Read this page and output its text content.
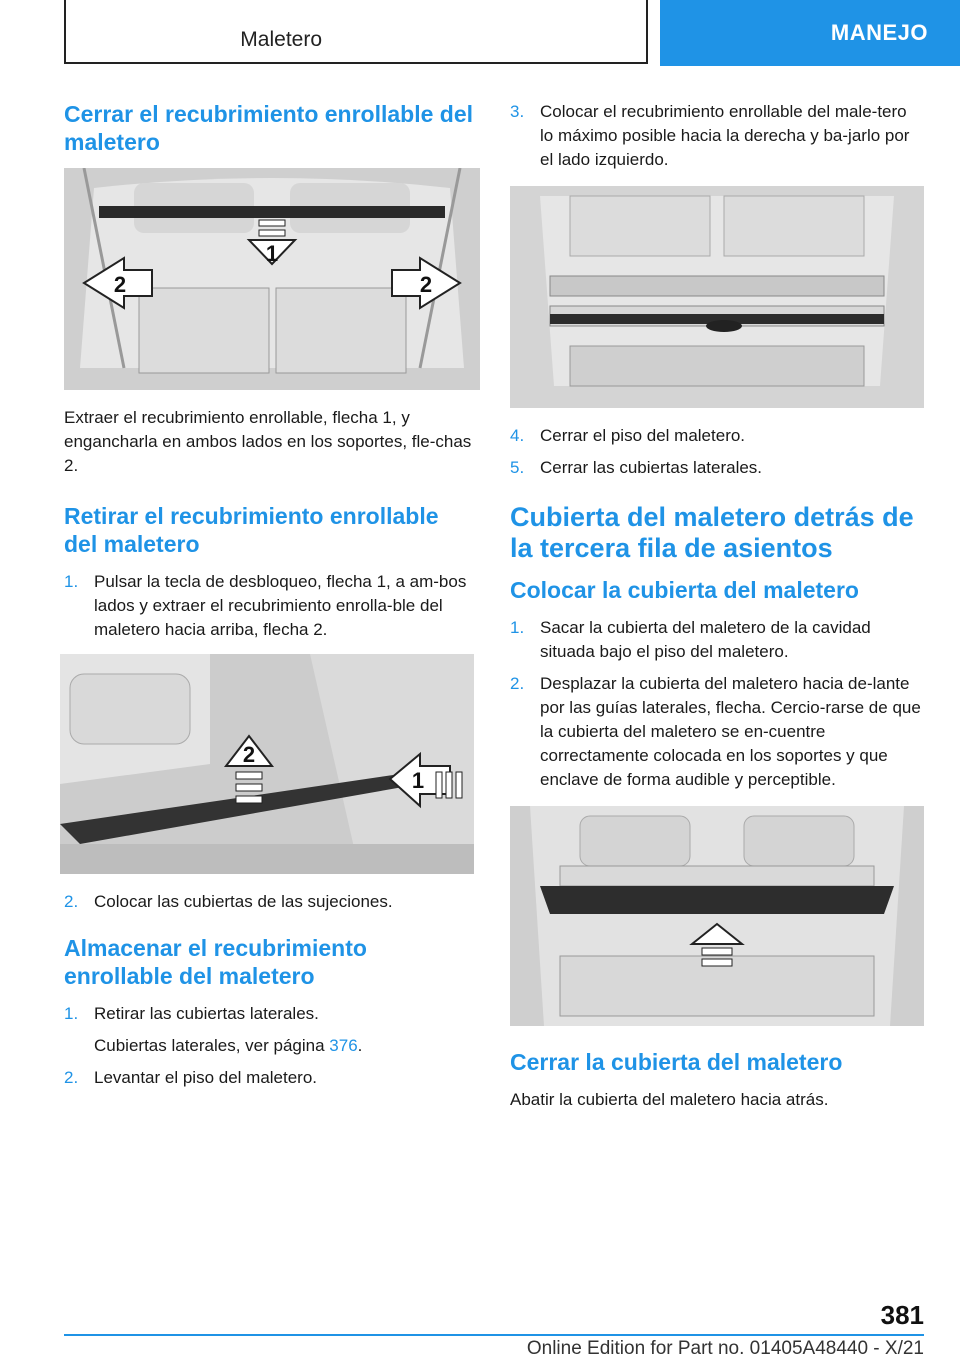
Maletero	MANEJO
Cerrar el recubrimiento enrollable del maletero
1
2	2

Extraer el recubrimiento enrollable, flecha 1, y engancharla en ambos lados en los soportes, fle-chas 2.

Retirar el recubrimiento enrollable del maletero
1. Pulsar la tecla de desbloqueo, flecha 1, a am-bos lados y extraer el recubrimiento enrolla-ble del maletero hacia arriba, flecha 2.
2
1
2. Colocar las cubiertas de las sujeciones.
Almacenar el recubrimiento enrollable del maletero
1. Retirar las cubiertas laterales.
Cubiertas laterales, ver página 376.
2. Levantar el piso del maletero.
3. Colocar el recubrimiento enrollable del male-tero lo máximo posible hacia la derecha y ba-jarlo por el lado izquierdo.
4. Cerrar el piso del maletero.
5. Cerrar las cubiertas laterales.
Cubierta del maletero detrás de la tercera fila de asientos
Colocar la cubierta del maletero
1. Sacar la cubierta del maletero de la cavidad situada bajo el piso del maletero.
2. Desplazar la cubierta del maletero hacia de-lante por las guías laterales, flecha. Cercio-rarse de que la cubierta del maletero se en-cuentre correctamente colocada en los soportes y que enclave de forma audible y perceptible.
Cerrar la cubierta del maletero

Abatir la cubierta del maletero hacia atrás.

381
Online Edition for Part no. 01405A48440 - X/21
